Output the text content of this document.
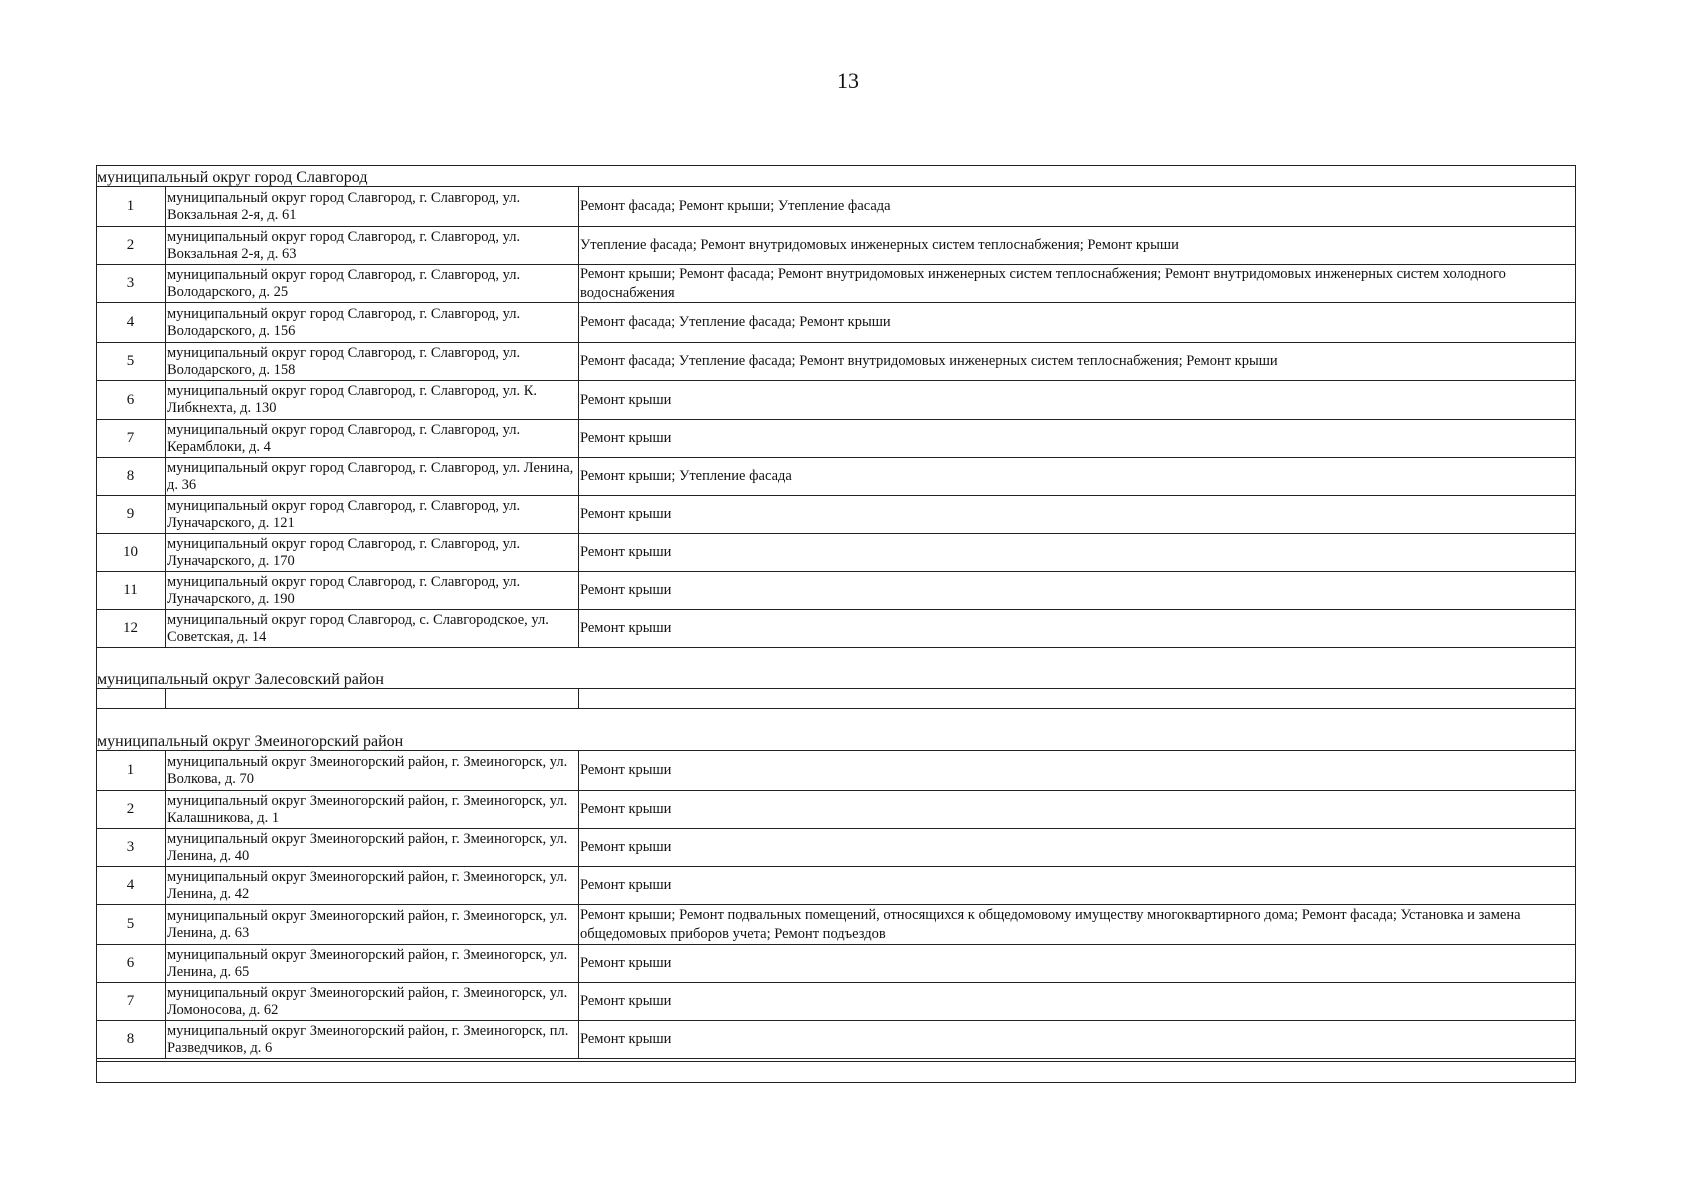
13
муниципальный округ город Славгород
1
муниципальный округ город Славгород, г. Славгород, ул. Вокзальная 2-я, д. 61
Ремонт фасада; Ремонт крыши; Утепление фасада
2
муниципальный округ город Славгород, г. Славгород, ул. Вокзальная 2-я, д. 63
Утепление фасада; Ремонт внутридомовых инженерных систем теплоснабжения; Ремонт крыши
3
муниципальный округ город Славгород, г. Славгород, ул. Володарского, д. 25
Ремонт крыши; Ремонт фасада; Ремонт внутридомовых инженерных систем теплоснабжения; Ремонт внутридомовых инженерных систем холодного водоснабжения
4
муниципальный округ город Славгород, г. Славгород, ул. Володарского, д. 156
Ремонт фасада; Утепление фасада; Ремонт крыши
5
муниципальный округ город Славгород, г. Славгород, ул. Володарского, д. 158
Ремонт фасада; Утепление фасада; Ремонт внутридомовых инженерных систем теплоснабжения; Ремонт крыши
6
муниципальный округ город Славгород, г. Славгород, ул. К. Либкнехта, д. 130
Ремонт крыши
7
муниципальный округ город Славгород, г. Славгород, ул. Керамблоки, д. 4
Ремонт крыши
8
муниципальный округ город Славгород, г. Славгород, ул. Ленина, д. 36
Ремонт крыши; Утепление фасада
9
муниципальный округ город Славгород, г. Славгород, ул. Луначарского, д. 121
Ремонт крыши
10
муниципальный округ город Славгород, г. Славгород, ул. Луначарского, д. 170
Ремонт крыши
11
муниципальный округ город Славгород, г. Славгород, ул. Луначарского, д. 190
Ремонт крыши
12
муниципальный округ город Славгород, с. Славгородское, ул. Советская, д. 14
Ремонт крыши
муниципальный округ Залесовский район
муниципальный округ Змеиногорский район
1
муниципальный округ Змеиногорский район, г. Змеиногорск, ул. Волкова, д. 70
Ремонт крыши
2
муниципальный округ Змеиногорский район, г. Змеиногорск, ул. Калашникова, д. 1
Ремонт крыши
3
муниципальный округ Змеиногорский район, г. Змеиногорск, ул. Ленина, д. 40
Ремонт крыши
4
муниципальный округ Змеиногорский район, г. Змеиногорск, ул. Ленина, д. 42
Ремонт крыши
5
муниципальный округ Змеиногорский район, г. Змеиногорск, ул. Ленина, д. 63
Ремонт крыши; Ремонт подвальных помещений, относящихся к общедомовому имуществу многоквартирного дома; Ремонт фасада; Установка и замена общедомовых приборов учета; Ремонт подъездов
6
муниципальный округ Змеиногорский район, г. Змеиногорск, ул. Ленина, д. 65
Ремонт крыши
7
муниципальный округ Змеиногорский район, г. Змеиногорск, ул. Ломоносова, д. 62
Ремонт крыши
8
муниципальный округ Змеиногорский район, г. Змеиногорск, пл. Разведчиков, д. 6
Ремонт крыши
